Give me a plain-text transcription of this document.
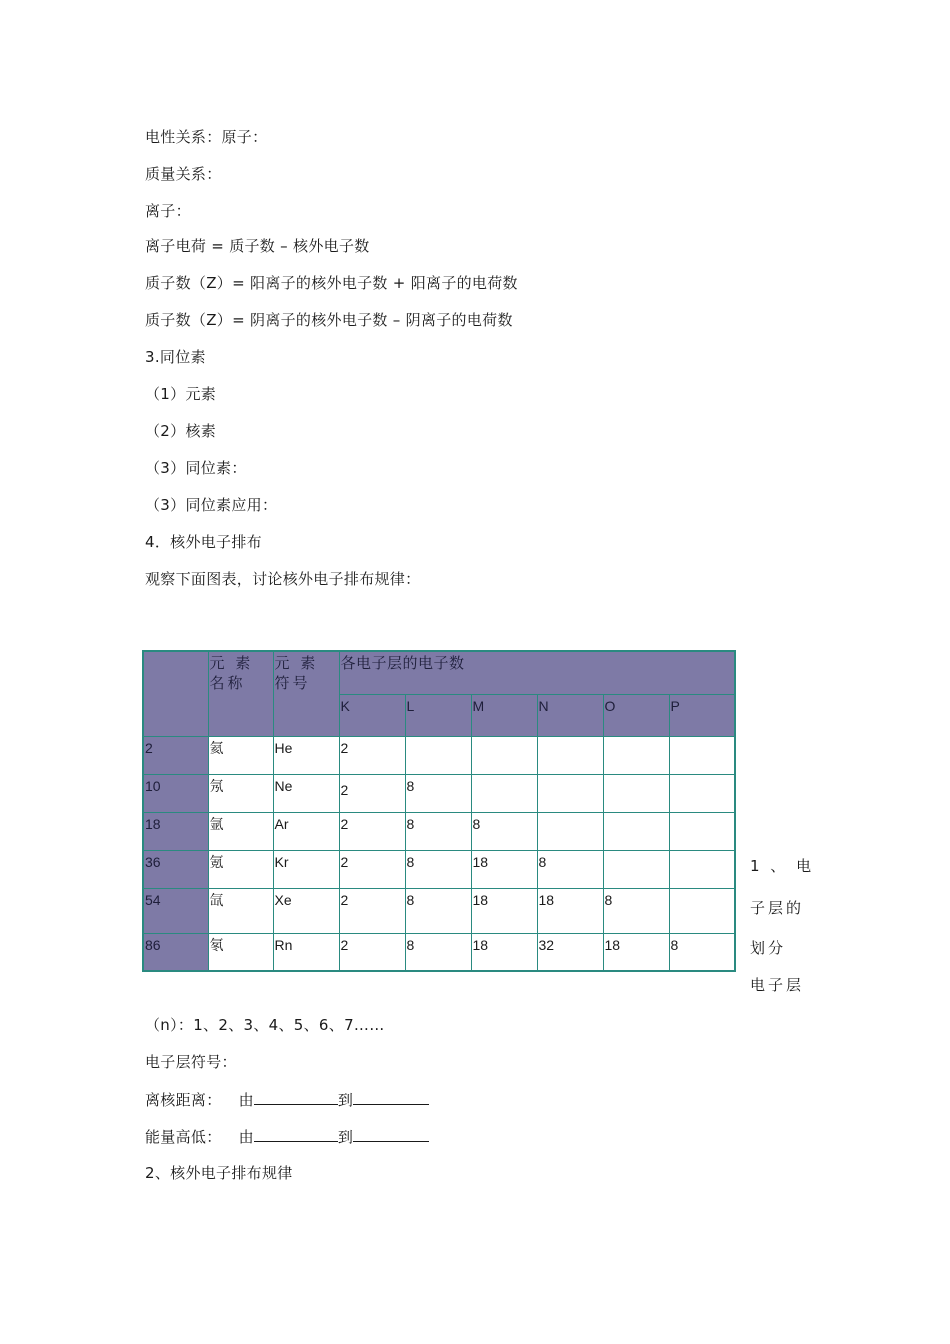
电性关系：原子：
质量关系：
离子：
离子电荷 = 质子数 – 核外电子数
质子数（Z）= 阳离子的核外电子数 + 阳离子的电荷数
质子数（Z）= 阴离子的核外电子数 – 阴离子的电荷数
3.同位素
（1）元素
（2）核素
（3）同位素：
（3）同位素应用：
4．核外电子排布
观察下面图表，讨论核外电子排布规律：
	元 素 名称	元 素 符号	各电子层的电子数					
			K	L	M	N	O	P
2	氦	He	2					
10	氖	Ne	2	8				
18	氩	Ar	2	8	8			
36	氪	Kr	2	8	18	8		
54	氙	Xe	2	8	18	18	8	
86	氡	Rn	2	8	18	32	18	8
1 、 电
子层的
划分
电子层
（n）：1、2、3、4、5、6、7……
电子层符号：
离核距离： 由	到
能量高低： 由	到
2、核外电子排布规律
